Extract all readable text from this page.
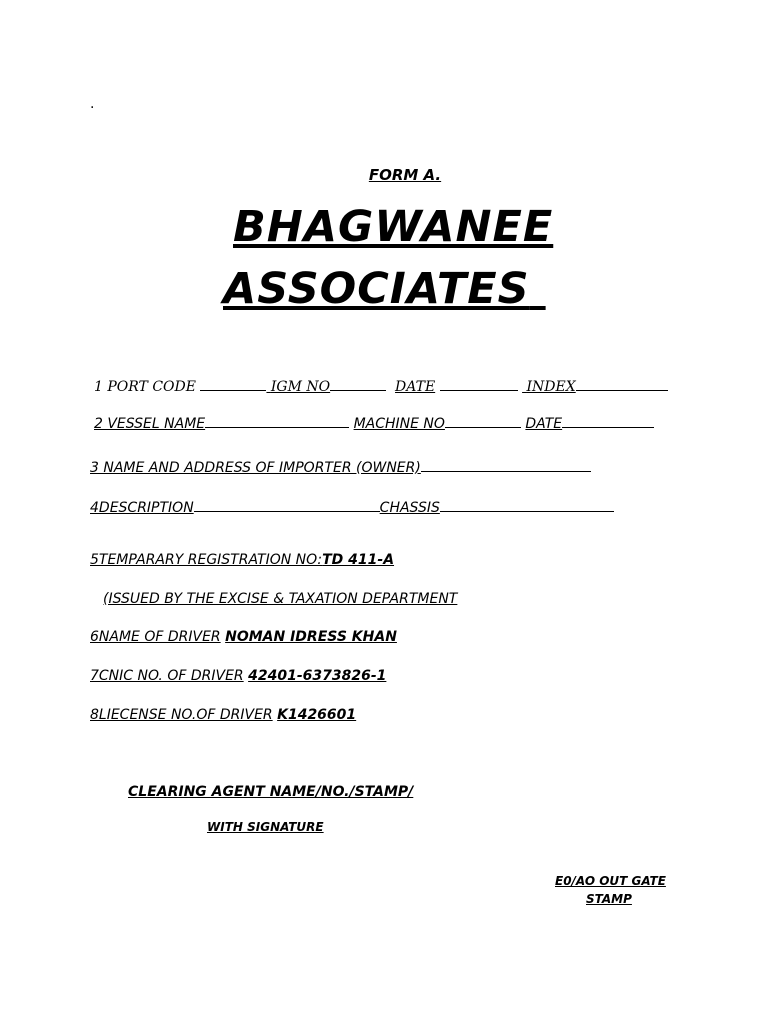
.
FORM A.
BHAGWANEE
ASSOCIATES
1 PORT CODE	IGM NO	DATE	INDEX
2 VESSEL NAME	MACHINE NO	DATE
3 NAME AND ADDRESS OF IMPORTER (OWNER)
4DESCRIPTION	CHASSIS
5TEMPARARY REGISTRATION NO:TD 411-A
(ISSUED BY THE EXCISE & TAXATION DEPARTMENT
6NAME OF DRIVER NOMAN IDRESS KHAN
7CNIC NO. OF DRIVER 42401-6373826-1
8LIECENSE NO.OF DRIVER K1426601
CLEARING AGENT NAME/NO./STAMP/
WITH SIGNATURE
E0/AO OUT GATE
STAMP
